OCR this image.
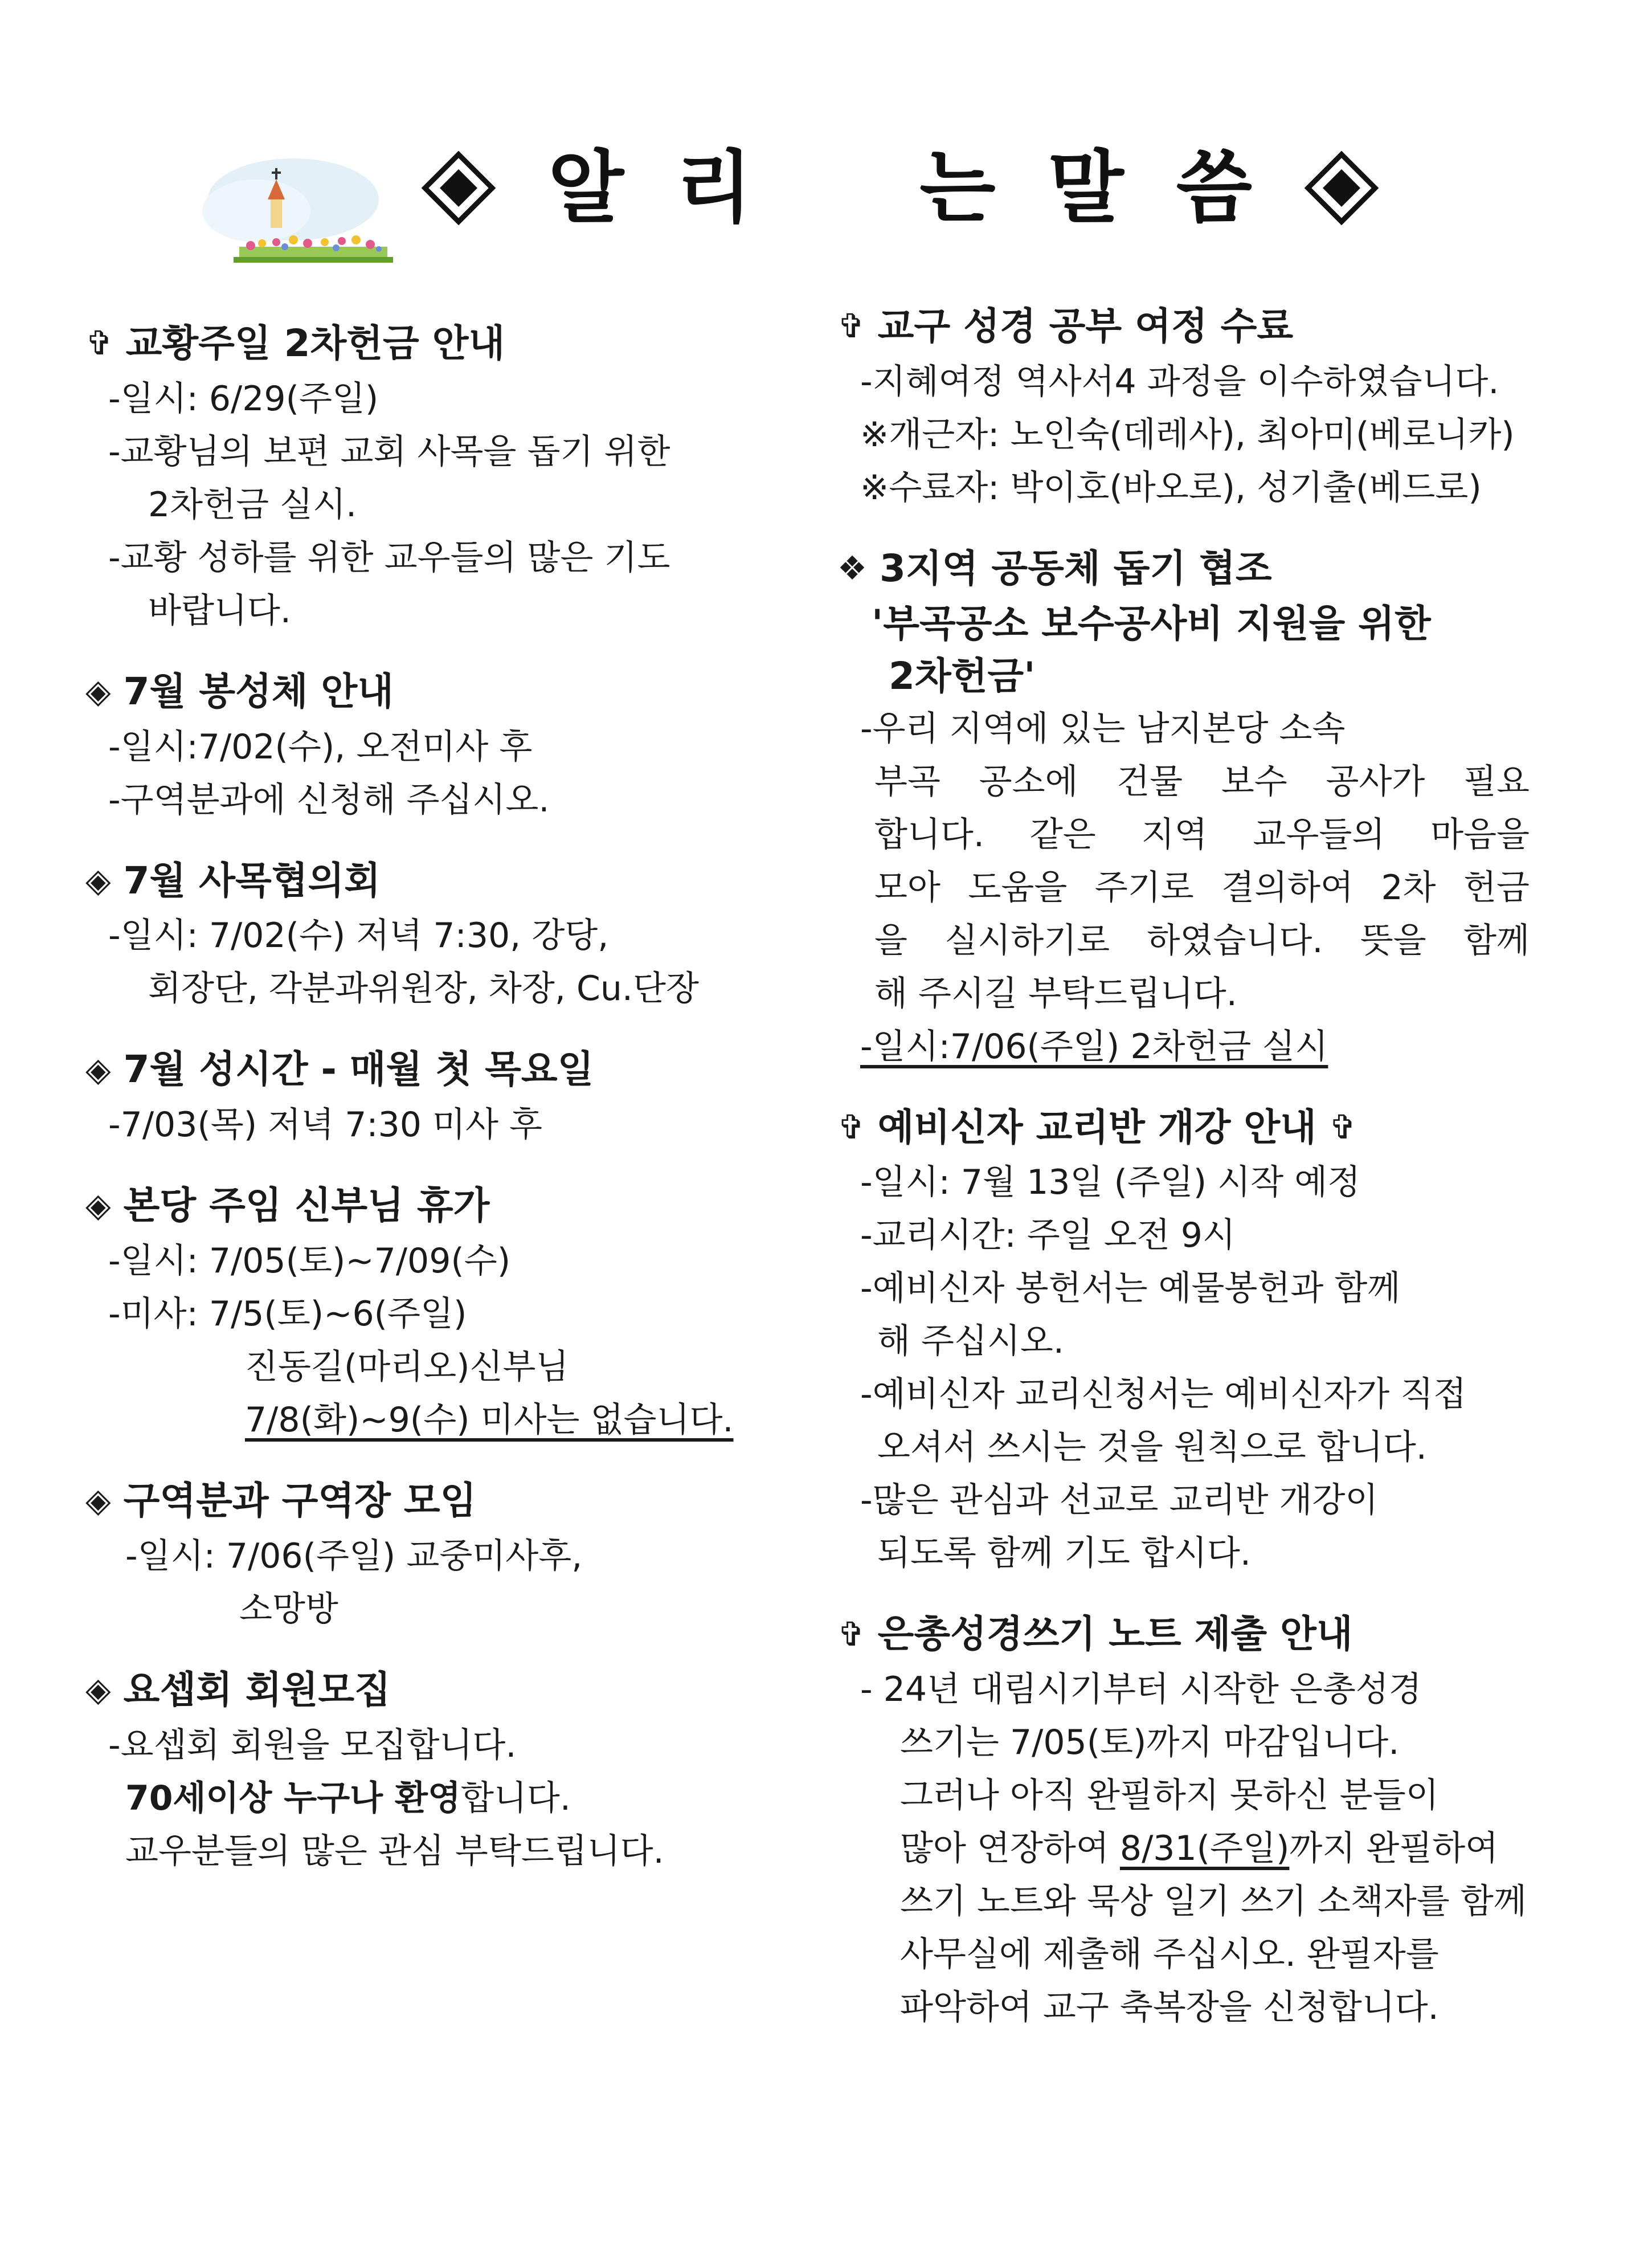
알 리 는 말 씀
✞ 교황주일 2차헌금 안내
-일시: 6/29(주일)
-교황님의 보편 교회 사목을 돕기 위한
2차헌금 실시.
-교황 성하를 위한 교우들의 많은 기도
바랍니다.
◈ 7월 봉성체 안내
-일시:7/02(수), 오전미사 후
-구역분과에 신청해 주십시오.
◈ 7월 사목협의회
-일시: 7/02(수) 저녁 7:30, 강당,
회장단, 각분과위원장, 차장, Cu.단장
◈ 7월 성시간 - 매월 첫 목요일
-7/03(목) 저녁 7:30 미사 후
◈ 본당 주임 신부님 휴가
-일시: 7/05(토)~7/09(수)
-미사: 7/5(토)~6(주일)
진동길(마리오)신부님
7/8(화)~9(수) 미사는 없습니다.
◈ 구역분과 구역장 모임
-일시: 7/06(주일) 교중미사후,
소망방
◈ 요셉회 회원모집
-요셉회 회원을 모집합니다.
70세이상 누구나 환영합니다.
교우분들의 많은 관심 부탁드립니다.
✞ 교구 성경 공부 여정 수료
-지혜여정 역사서4 과정을 이수하였습니다.
※개근자: 노인숙(데레사), 최아미(베로니카)
※수료자: 박이호(바오로), 성기출(베드로)
❖ 3지역 공동체 돕기 협조
'부곡공소 보수공사비 지원을 위한
2차헌금'
-우리 지역에 있는 남지본당 소속
부곡 공소에 건물 보수 공사가 필요
합니다. 같은 지역 교우들의 마음을
모아 도움을 주기로 결의하여 2차 헌금
을 실시하기로 하였습니다. 뜻을 함께
해 주시길 부탁드립니다.
-일시:7/06(주일) 2차헌금 실시
✞ 예비신자 교리반 개강 안내 ✞
-일시: 7월 13일 (주일) 시작 예정
-교리시간: 주일 오전 9시
-예비신자 봉헌서는 예물봉헌과 함께
해 주십시오.
-예비신자 교리신청서는 예비신자가 직접
오셔서 쓰시는 것을 원칙으로 합니다.
-많은 관심과 선교로 교리반 개강이
되도록 함께 기도 합시다.
✞ 은총성경쓰기 노트 제출 안내
- 24년 대림시기부터 시작한 은총성경
쓰기는 7/05(토)까지 마감입니다.
그러나 아직 완필하지 못하신 분들이
많아 연장하여 8/31(주일)까지 완필하여
쓰기 노트와 묵상 일기 쓰기 소책자를 함께
사무실에 제출해 주십시오. 완필자를
파악하여 교구 축복장을 신청합니다.
